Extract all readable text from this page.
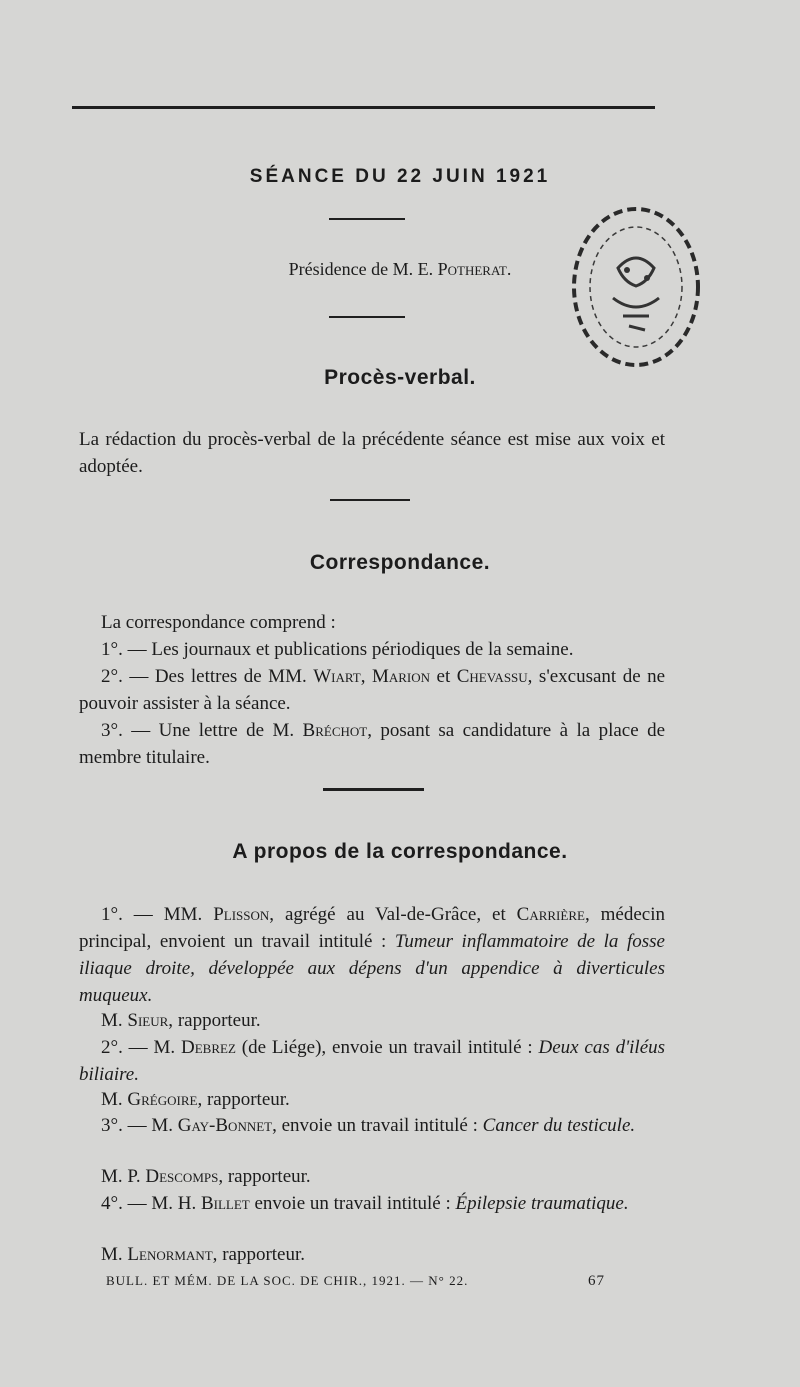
SÉANCE DU 22 JUIN 1921
Présidence de M. E. Potherat.
Procès-verbal.
La rédaction du procès-verbal de la précédente séance est mise aux voix et adoptée.
Correspondance.
La correspondance comprend :
1°. — Les journaux et publications périodiques de la semaine.
2°. — Des lettres de MM. Wiart, Marion et Chevassu, s'excusant de ne pouvoir assister à la séance.
3°. — Une lettre de M. Bréchot, posant sa candidature à la place de membre titulaire.
A propos de la correspondance.
1°. — MM. Plisson, agrégé au Val-de-Grâce, et Carrière, médecin principal, envoient un travail intitulé : Tumeur inflammatoire de la fosse iliaque droite, développée aux dépens d'un appendice à diverticules muqueux.
M. Sieur, rapporteur.
2°. — M. Debrez (de Liége), envoie un travail intitulé : Deux cas d'iléus biliaire.
M. Grégoire, rapporteur.
3°. — M. Gay-Bonnet, envoie un travail intitulé : Cancer du testicule.
M. P. Descomps, rapporteur.
4°. — M. H. Billet envoie un travail intitulé : Épilepsie traumatique.
M. Lenormant, rapporteur.
BULL. ET MÉM. DE LA SOC. DE CHIR., 1921. — N° 22.	67
